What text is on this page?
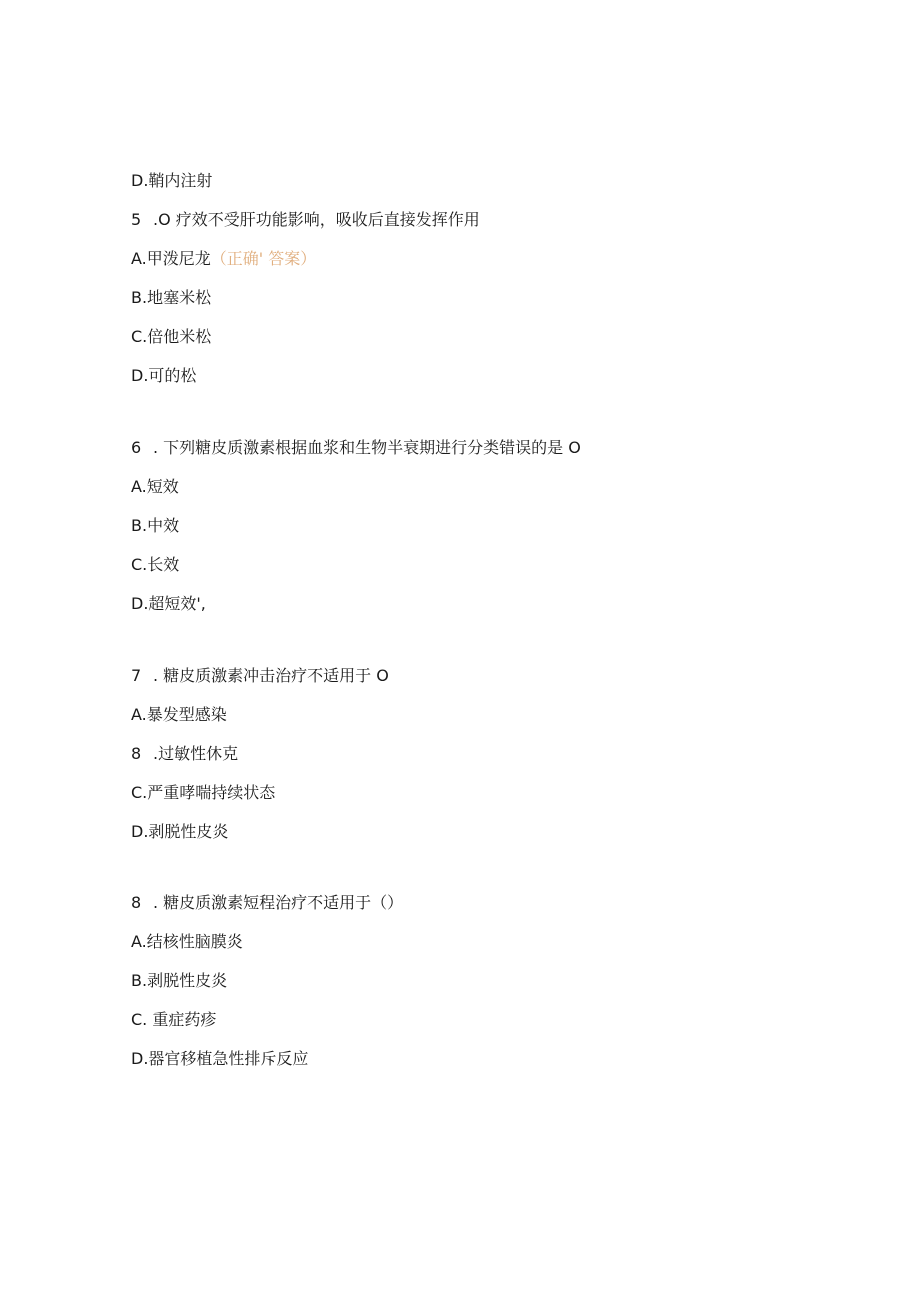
D.鞘内注射
5 .O 疗效不受肝功能影响，吸收后直接发挥作用
A.甲泼尼龙（正确' 答案）
B.地塞米松
C.倍他米松
D.可的松
6 . 下列糖皮质激素根据血浆和生物半衰期进行分类错误的是 O
A.短效
B.中效
C.长效
D.超短效',
7 . 糖皮质激素冲击治疗不适用于 O
A.暴发型感染
8 .过敏性休克
C.严重哮喘持续状态
D.剥脱性皮炎
8 . 糖皮质激素短程治疗不适用于（）
A.结核性脑膜炎
B.剥脱性皮炎
C. 重症药疹
D.器官移植急性排斥反应
